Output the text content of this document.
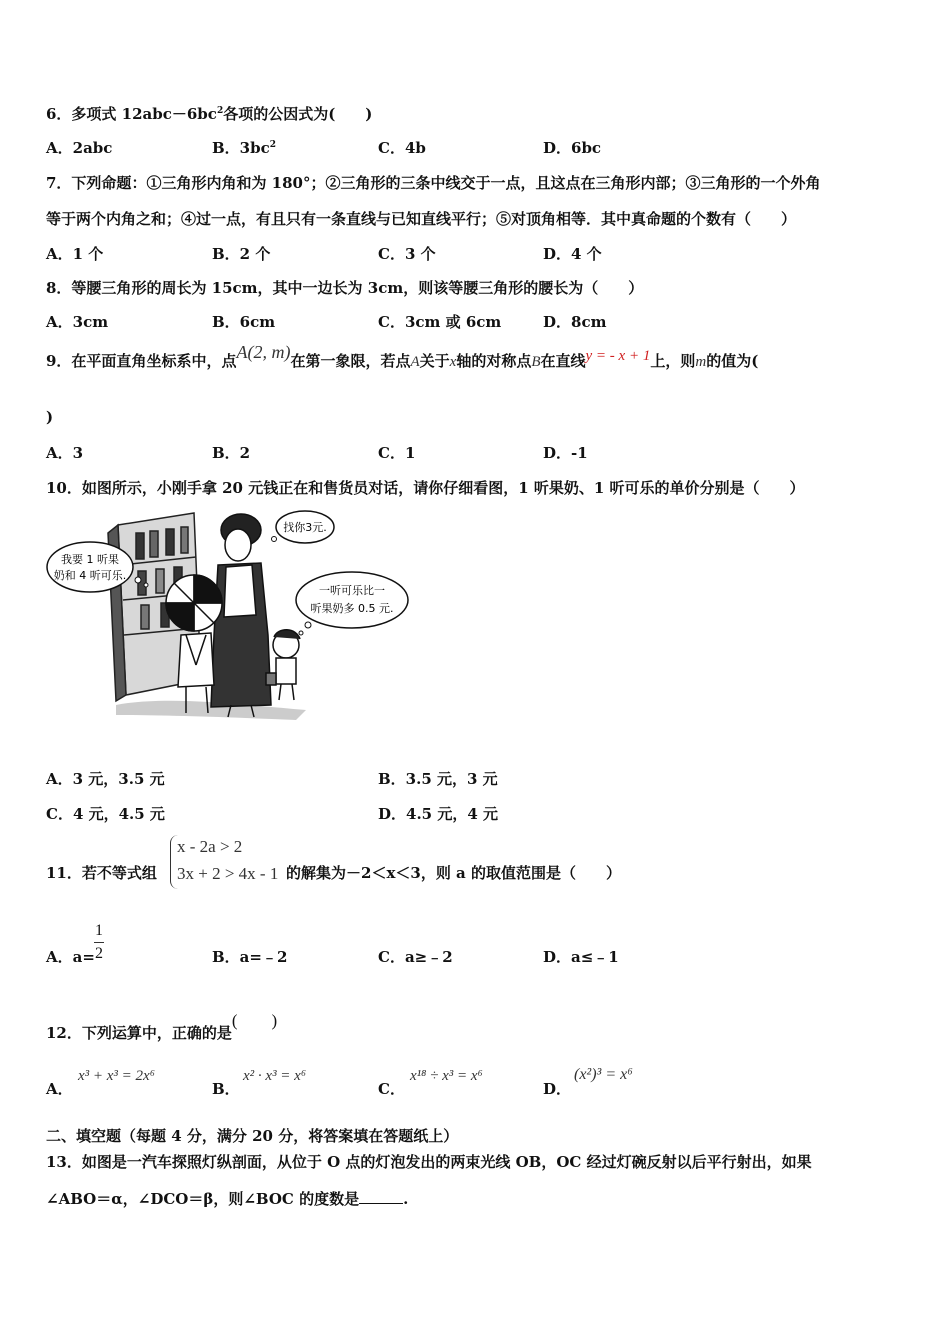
6．多项式 $12abc-6bc^2$各项的公因式为(　　)
A．2abc	B．$3bc^2$	C．4b	D．6bc
7．下列命题：①三角形内角和为 180°；②三角形的三条中线交于一点，且这点在三角形内部；③三角形的一个外角
等于两个内角之和；④过一点，有且只有一条直线与已知直线平行；⑤对顶角相等．其中真命题的个数有（　　）
A．1 个	B．2 个	C．3 个	D．4 个
8．等腰三角形的周长为 15cm，其中一边长为 3cm，则该等腰三角形的腰长为（　　）
A．3cm	B．6cm	C．3cm 或 6cm	D．8cm
9．在平面直角坐标系中，点A(2, m)在第一象限，若点A关于x轴的对称点B在直线y = - x + 1上，则m的值为(
)
A．3	B．2	C．1	D．-1
10．如图所示，小刚手拿 20 元钱正在和售货员对话，请你仔细看图，1 听果奶、1 听可乐的单价分别是（　　）
我要 1 听果
奶和 4 听可乐.
找你3元.
一听可乐比一
听果奶多 0.5 元.
A．3 元，3.5 元	B．3.5 元，3 元
C．4 元，4.5 元	D．4.5 元，4 元
11．若不等式组
x - 2a > 2
3x + 2 > 4x - 1 的解集为－2＜x＜3，则 a 的取值范围是（　　）
A．a=
1
2	B．a=﹣2	C．a≥﹣2	D．a≤﹣1
12．下列运算中，正确的是(　　)
A．
x³ + x³ = 2x⁶
B．
x² · x³ = x⁶
C．
x¹⁸ ÷ x³ = x⁶
D．
(x²)³ = x⁶
二、填空题（每题 4 分，满分 20 分，将答案填在答题纸上）
13．如图是一汽车探照灯纵剖面，从位于 O 点的灯泡发出的两束光线 OB，OC 经过灯碗反射以后平行射出，如果
∠ABO＝α，∠DCO＝β，则∠BOC 的度数是	.
